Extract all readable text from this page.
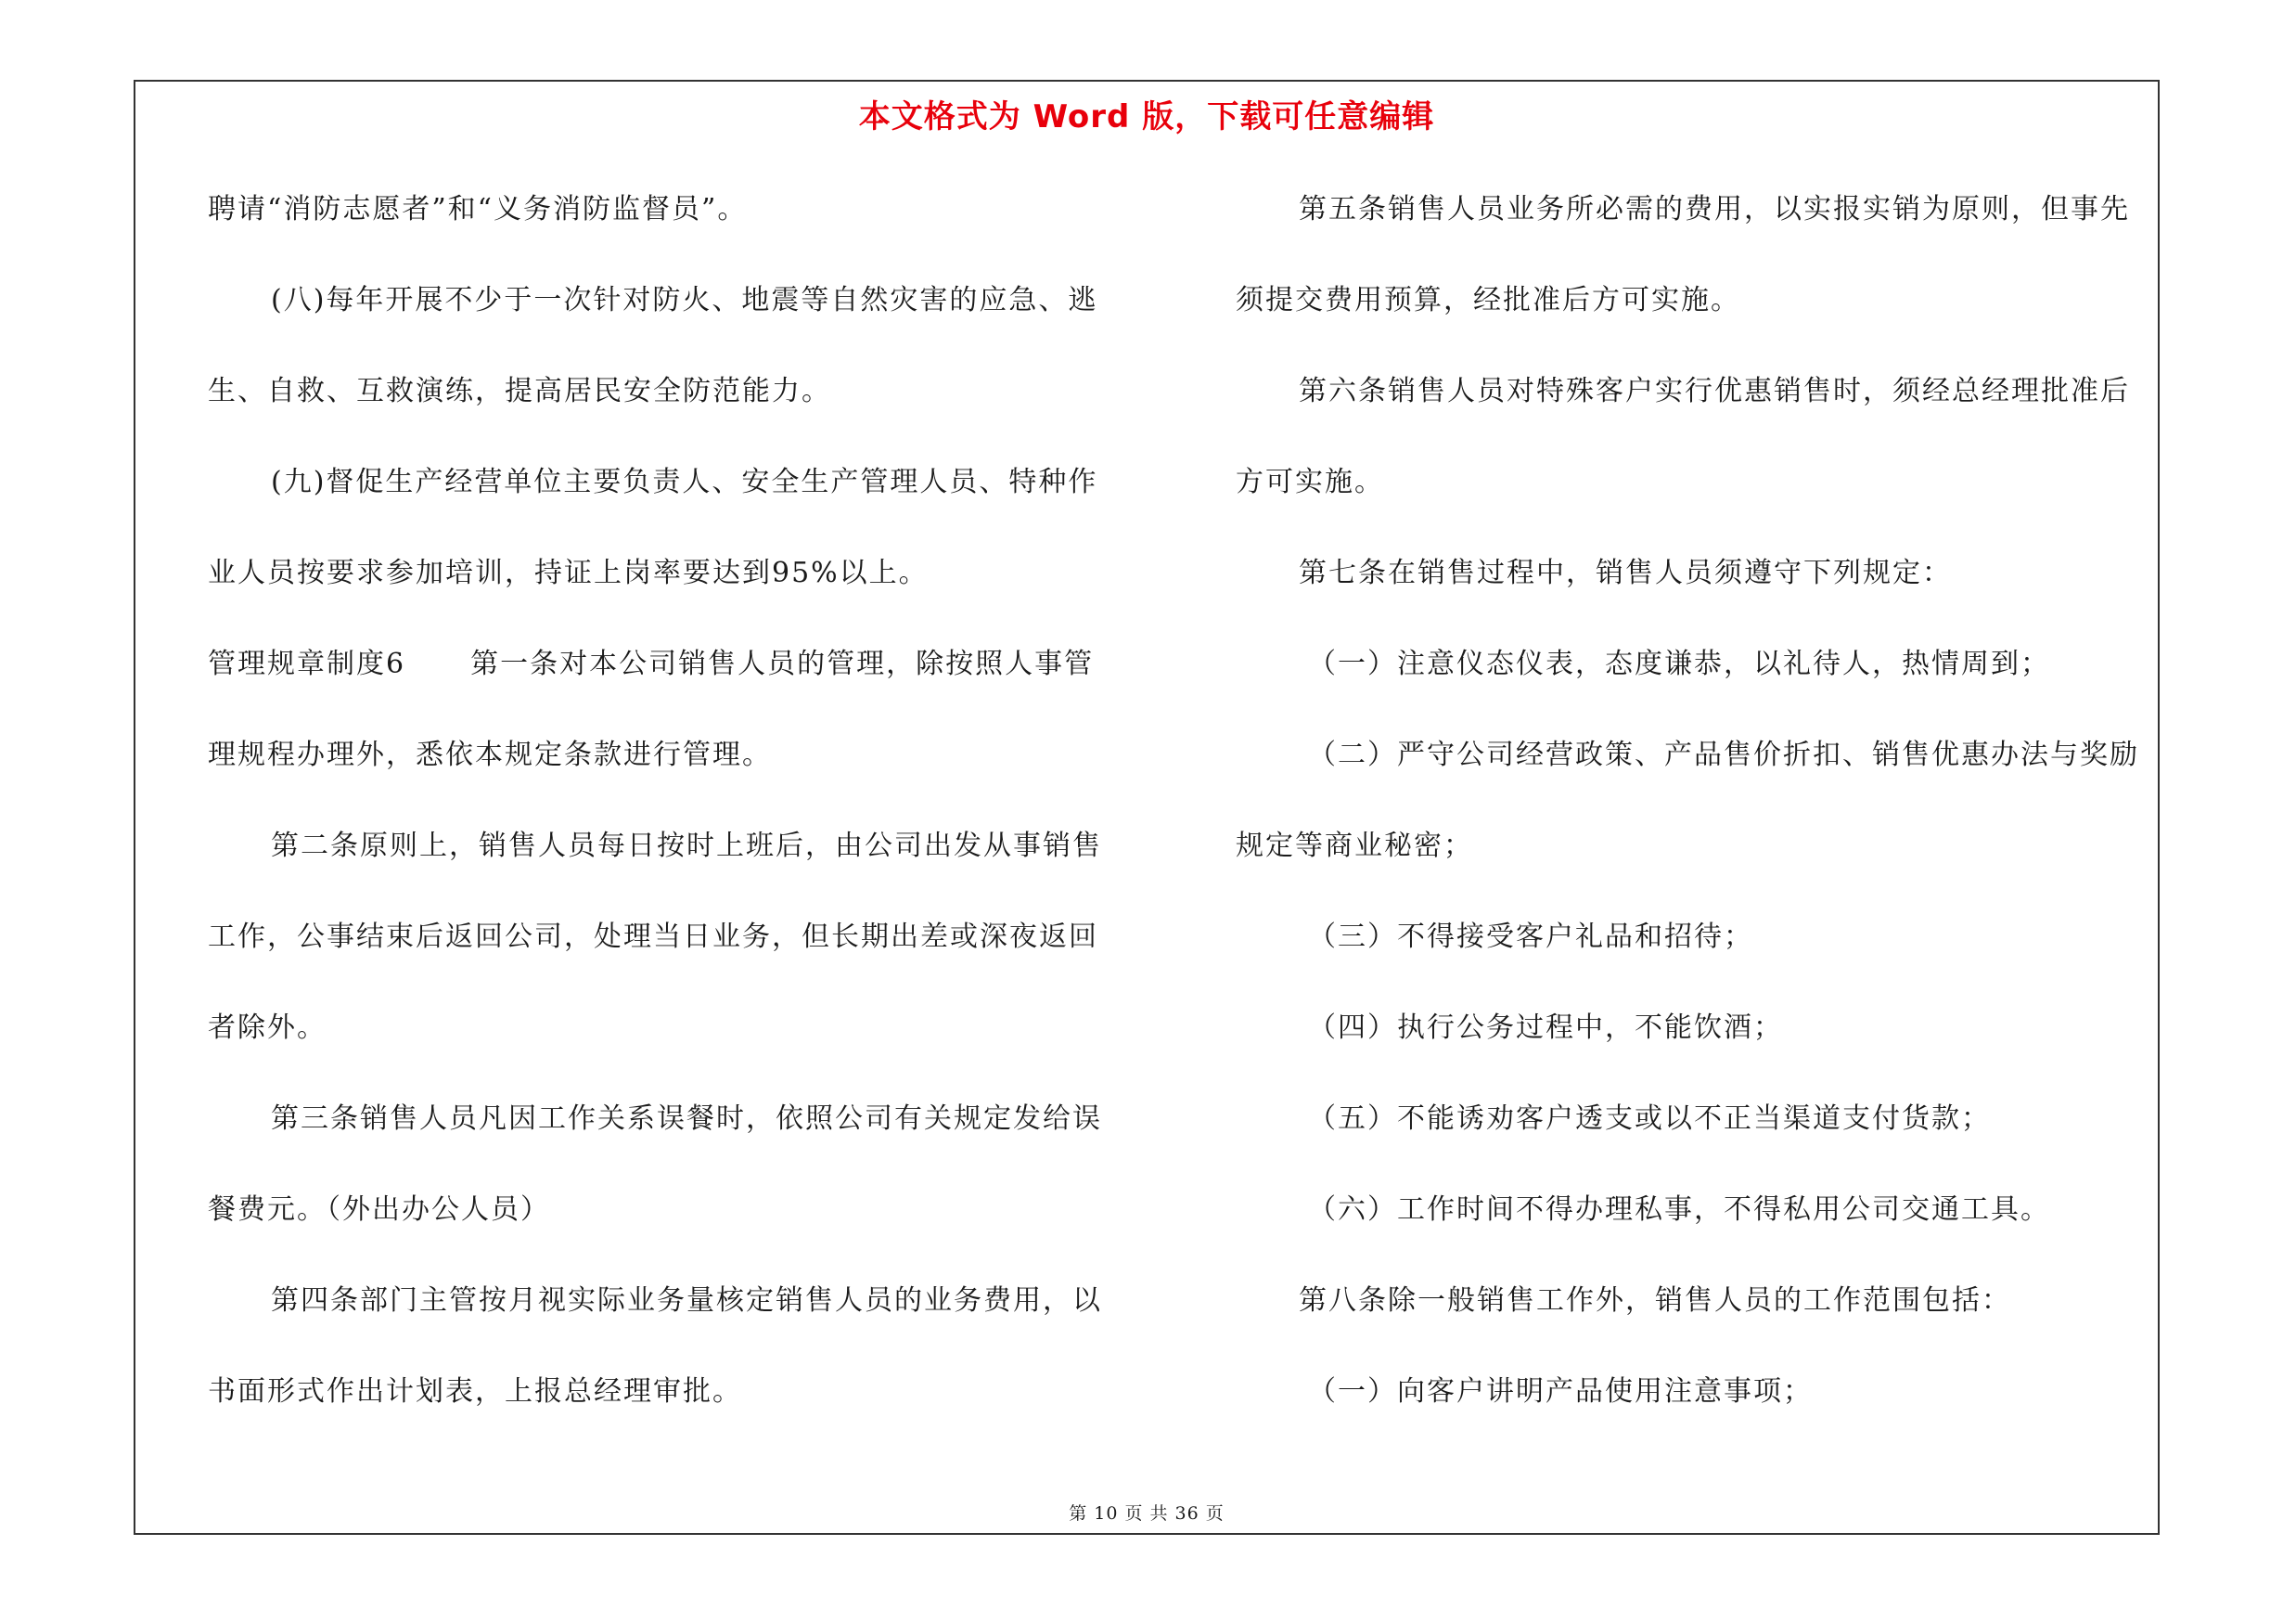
本文格式为 Word 版，下载可任意编辑
聘请“消防志愿者”和“义务消防监督员”。
(八)每年开展不少于一次针对防火、地震等自然灾害的应急、逃
生、自救、互救演练，提高居民安全防范能力。
(九)督促生产经营单位主要负责人、安全生产管理人员、特种作
业人员按要求参加培训，持证上岗率要达到95%以上。
管理规章制度6 第一条对本公司销售人员的管理，除按照人事管
理规程办理外，悉依本规定条款进行管理。
第二条原则上，销售人员每日按时上班后，由公司出发从事销售
工作，公事结束后返回公司，处理当日业务，但长期出差或深夜返回
者除外。
第三条销售人员凡因工作关系误餐时，依照公司有关规定发给误
餐费元。（外出办公人员）
第四条部门主管按月视实际业务量核定销售人员的业务费用，以
书面形式作出计划表，上报总经理审批。
第五条销售人员业务所必需的费用，以实报实销为原则，但事先
须提交费用预算，经批准后方可实施。
第六条销售人员对特殊客户实行优惠销售时，须经总经理批准后
方可实施。
第七条在销售过程中，销售人员须遵守下列规定：
（一）注意仪态仪表，态度谦恭，以礼待人，热情周到；
（二）严守公司经营政策、产品售价折扣、销售优惠办法与奖励
规定等商业秘密；
（三）不得接受客户礼品和招待；
（四）执行公务过程中，不能饮酒；
（五）不能诱劝客户透支或以不正当渠道支付货款；
（六）工作时间不得办理私事，不得私用公司交通工具。
第八条除一般销售工作外，销售人员的工作范围包括：
（一）向客户讲明产品使用注意事项；
第 10 页 共 36 页
